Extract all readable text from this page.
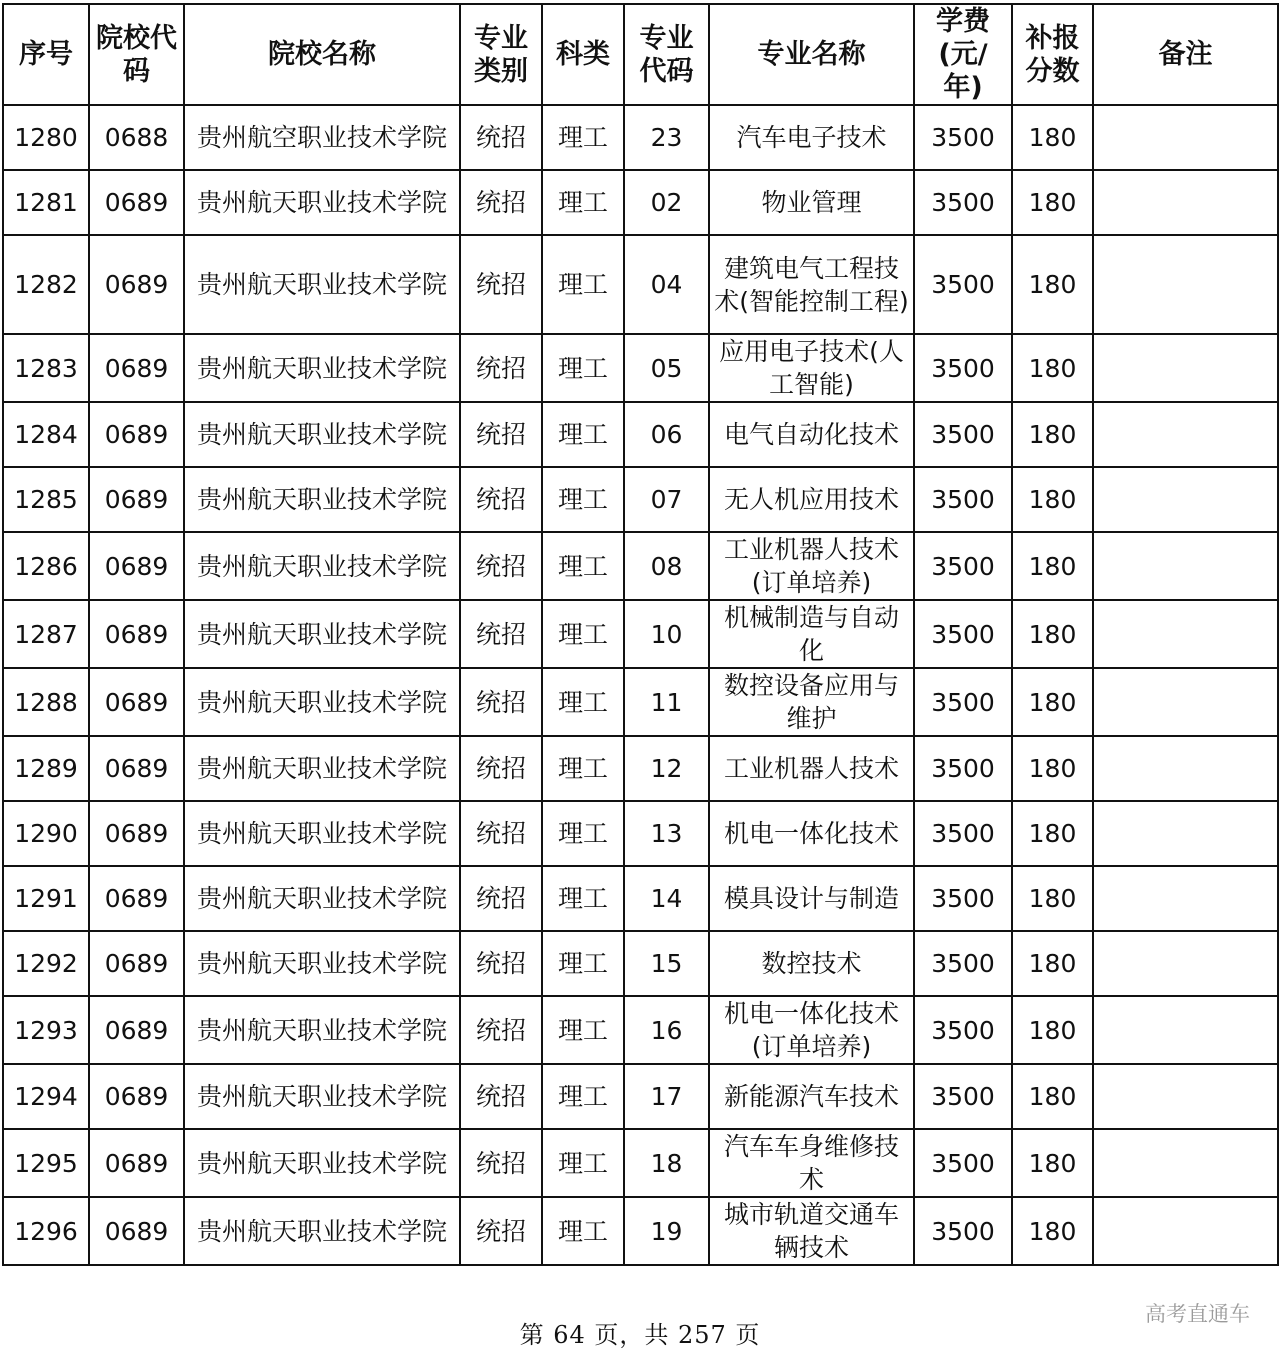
序号	院校代码	院校名称	专业类别	科类	专业代码	专业名称	学费(元/年)	补报分数	备注
1280	0688	贵州航空职业技术学院	统招	理工	23	汽车电子技术	3500	180	
1281	0689	贵州航天职业技术学院	统招	理工	02	物业管理	3500	180	
1282	0689	贵州航天职业技术学院	统招	理工	04	建筑电气工程技术(智能控制工程)	3500	180	
1283	0689	贵州航天职业技术学院	统招	理工	05	应用电子技术(人工智能)	3500	180	
1284	0689	贵州航天职业技术学院	统招	理工	06	电气自动化技术	3500	180	
1285	0689	贵州航天职业技术学院	统招	理工	07	无人机应用技术	3500	180	
1286	0689	贵州航天职业技术学院	统招	理工	08	工业机器人技术(订单培养)	3500	180	
1287	0689	贵州航天职业技术学院	统招	理工	10	机械制造与自动化	3500	180	
1288	0689	贵州航天职业技术学院	统招	理工	11	数控设备应用与维护	3500	180	
1289	0689	贵州航天职业技术学院	统招	理工	12	工业机器人技术	3500	180	
1290	0689	贵州航天职业技术学院	统招	理工	13	机电一体化技术	3500	180	
1291	0689	贵州航天职业技术学院	统招	理工	14	模具设计与制造	3500	180	
1292	0689	贵州航天职业技术学院	统招	理工	15	数控技术	3500	180	
1293	0689	贵州航天职业技术学院	统招	理工	16	机电一体化技术(订单培养)	3500	180	
1294	0689	贵州航天职业技术学院	统招	理工	17	新能源汽车技术	3500	180	
1295	0689	贵州航天职业技术学院	统招	理工	18	汽车车身维修技术	3500	180	
1296	0689	贵州航天职业技术学院	统招	理工	19	城市轨道交通车辆技术	3500	180	
第 64 页，共 257 页
高考直通车
